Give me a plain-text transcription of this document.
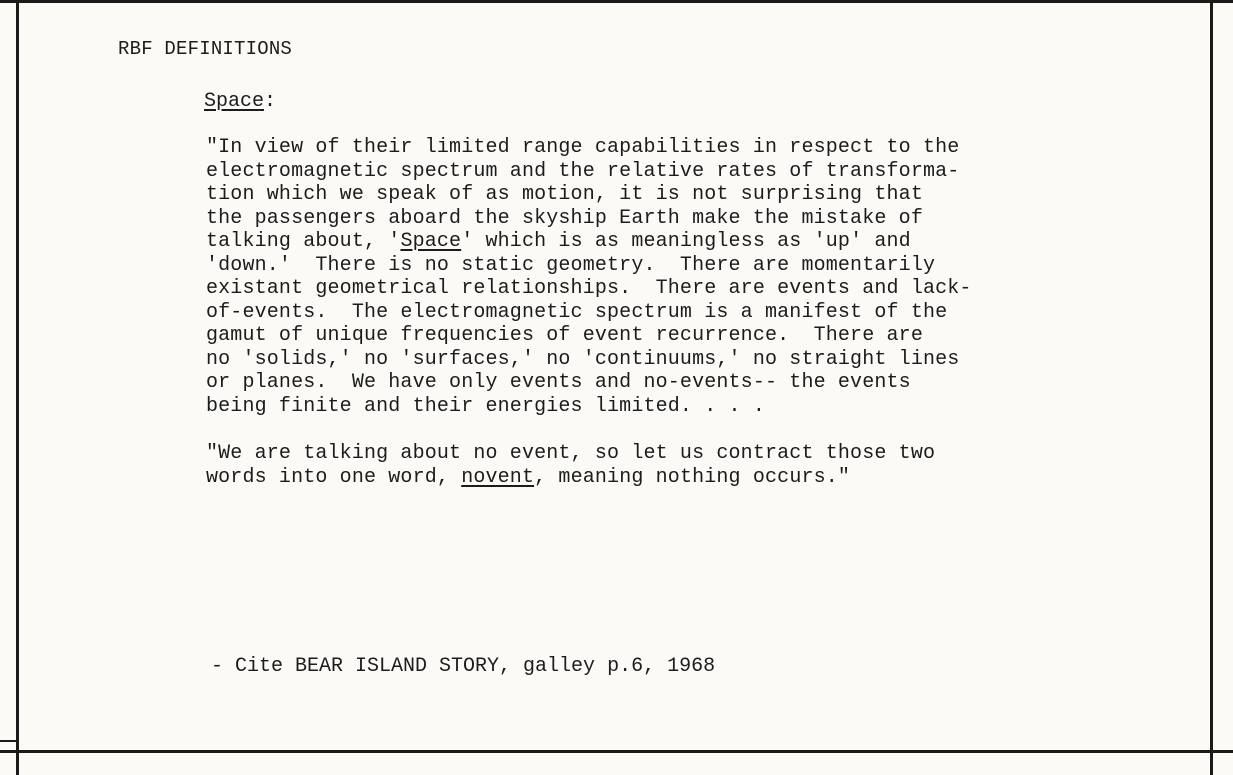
RBF DEFINITIONS
Space:
"In view of their limited range capabilities in respect to the
electromagnetic spectrum and the relative rates of transforma-
tion which we speak of as motion, it is not surprising that
the passengers aboard the skyship Earth make the mistake of
talking about, 'Space' which is as meaningless as 'up' and
'down.'  There is no static geometry.  There are momentarily
existant geometrical relationships.  There are events and lack-
of-events.  The electromagnetic spectrum is a manifest of the
gamut of unique frequencies of event recurrence.  There are
no 'solids,' no 'surfaces,' no 'continuums,' no straight lines
or planes.  We have only events and no-events-- the events
being finite and their energies limited. . . .
"We are talking about no event, so let us contract those two
words into one word, novent, meaning nothing occurs."
- Cite BEAR ISLAND STORY, galley p.6, 1968
